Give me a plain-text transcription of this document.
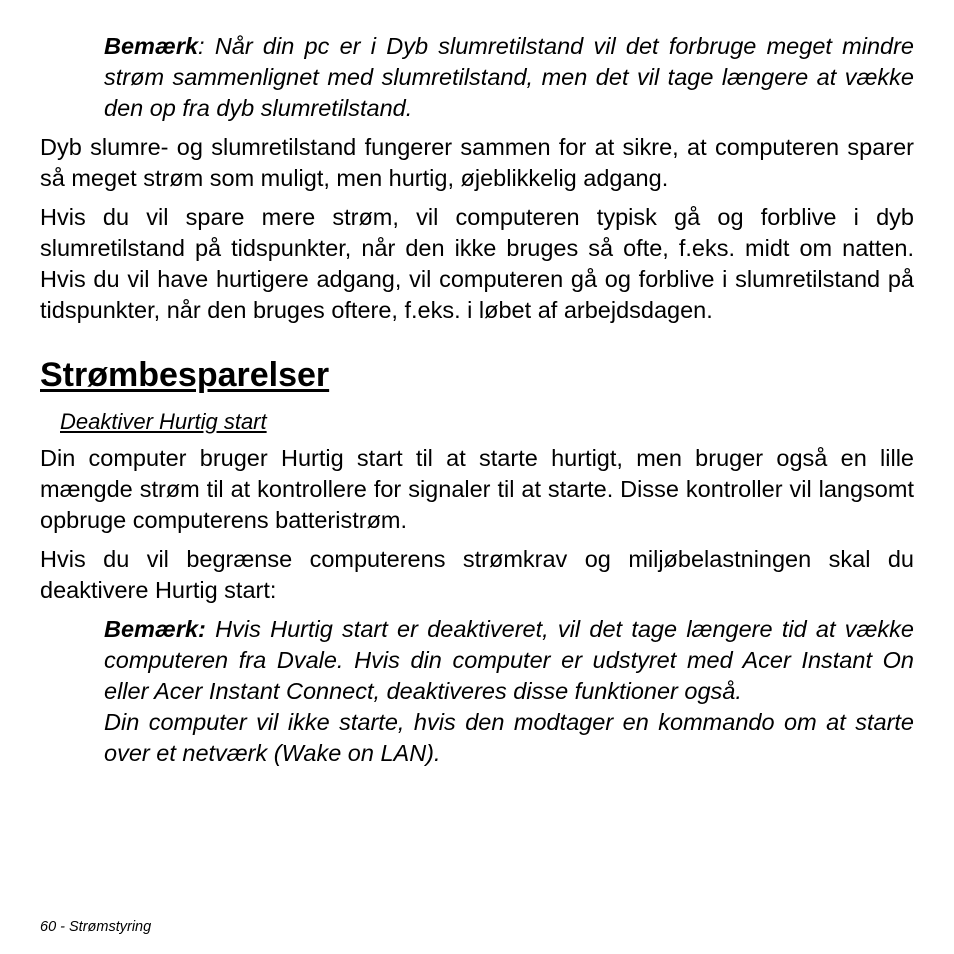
Bemærk: Når din pc er i Dyb slumretilstand vil det forbruge meget mindre strøm sammenlignet med slumretilstand, men det vil tage længere at vække den op fra dyb slumretilstand.

Dyb slumre- og slumretilstand fungerer sammen for at sikre, at computeren sparer så meget strøm som muligt, men hurtig, øjeblikkelig adgang.

Hvis du vil spare mere strøm, vil computeren typisk gå og forblive i dyb slumretilstand på tidspunkter, når den ikke bruges så ofte, f.eks. midt om natten. Hvis du vil have hurtigere adgang, vil computeren gå og forblive i slumretilstand på tidspunkter, når den bruges oftere, f.eks. i løbet af arbejdsdagen.

Strømbesparelser
Deaktiver Hurtig start

Din computer bruger Hurtig start til at starte hurtigt, men bruger også en lille mængde strøm til at kontrollere for signaler til at starte. Disse kontroller vil langsomt opbruge computerens batteristrøm.

Hvis du vil begrænse computerens strømkrav og miljøbelastningen skal du deaktivere Hurtig start:

Bemærk: Hvis Hurtig start er deaktiveret, vil det tage længere tid at vække computeren fra Dvale. Hvis din computer er udstyret med Acer Instant On eller Acer Instant Connect, deaktiveres disse funktioner også.

Din computer vil ikke starte, hvis den modtager en kommando om at starte over et netværk (Wake on LAN).

60 - Strømstyring
